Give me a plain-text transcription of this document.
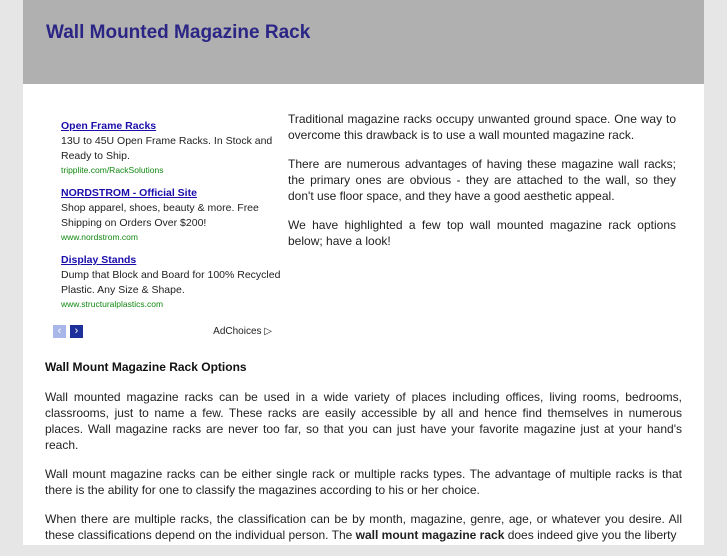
Wall Mounted Magazine Rack
Open Frame Racks
13U to 45U Open Frame Racks. In Stock and Ready to Ship.
tripplite.com/RackSolutions
NORDSTROM - Official Site
Shop apparel, shoes, beauty & more. Free Shipping on Orders Over $200!
www.nordstrom.com
Display Stands
Dump that Block and Board for 100% Recycled Plastic. Any Size & Shape.
www.structuralplastics.com
‹	›	AdChoices ▷

Traditional magazine racks occupy unwanted ground space. One way to overcome this drawback is to use a wall mounted magazine rack.

There are numerous advantages of having these magazine wall racks; the primary ones are obvious - they are attached to the wall, so they don't use floor space, and they have a good aesthetic appeal.

We have highlighted a few top wall mounted magazine rack options below; have a look!

Wall Mount Magazine Rack Options

Wall mounted magazine racks can be used in a wide variety of places including offices, living rooms, bedrooms, classrooms, just to name a few. These racks are easily accessible by all and hence find themselves in numerous places. Wall magazine racks are never too far, so that you can just have your favorite magazine just at your hand's reach.

Wall mount magazine racks can be either single rack or multiple racks types. The advantage of multiple racks is that there is the ability for one to classify the magazines according to his or her choice.

When there are multiple racks, the classification can be by month, magazine, genre, age, or whatever you desire. All these classifications depend on the individual person. The wall mount magazine rack does indeed give you the liberty
